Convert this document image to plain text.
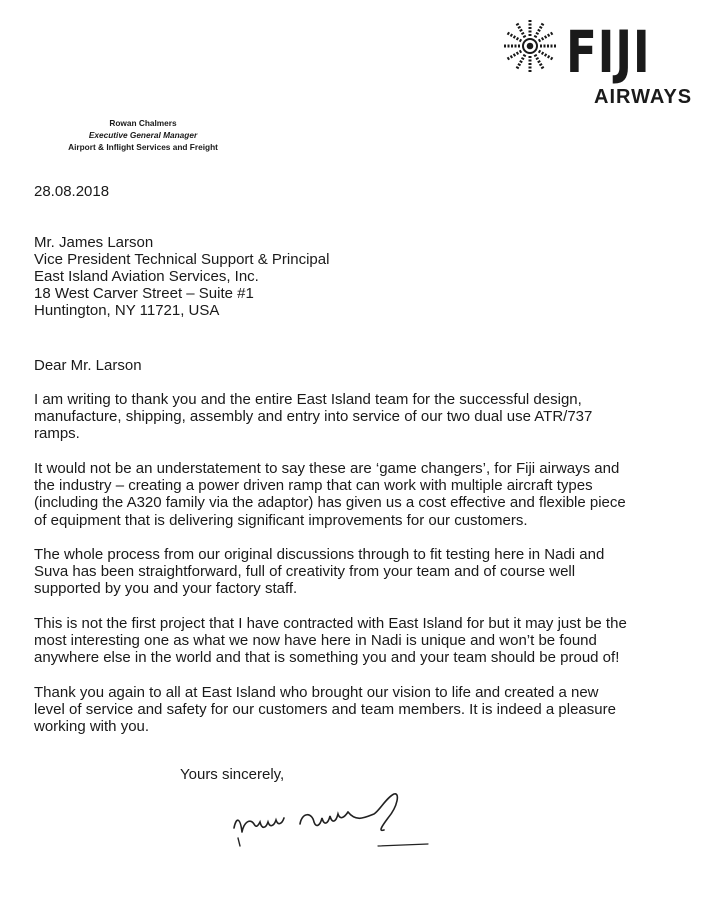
FIJI
AIRWAYS
Rowan Chalmers
Executive General Manager
Airport & Inflight Services and Freight
28.08.2018
Mr. James Larson
Vice President Technical Support & Principal
East Island Aviation Services, Inc.
18 West Carver Street – Suite #1
Huntington, NY 11721, USA
Dear Mr. Larson
I am writing to thank you and the entire East Island team for the successful design,
manufacture, shipping, assembly and entry into service of our two dual use ATR/737
ramps.
It would not be an understatement to say these are ‘game changers’, for Fiji airways and
the industry – creating a power driven ramp that can work with multiple aircraft types
(including the A320 family via the adaptor) has given us a cost effective and flexible piece
of equipment that is delivering significant improvements for our customers.
The whole process from our original discussions through to fit testing here in Nadi and
Suva has been straightforward, full of creativity from your team and of course well
supported by you and your factory staff.
This is not the first project that I have contracted with East Island for but it may just be the
most interesting one as what we now have here in Nadi is unique and won’t be found
anywhere else in the world and that is something you and your team should be proud of!
Thank you again to all at East Island who brought our vision to life and created a new
level of service and safety for our customers and team members. It is indeed a pleasure
working with you.
Yours sincerely,
